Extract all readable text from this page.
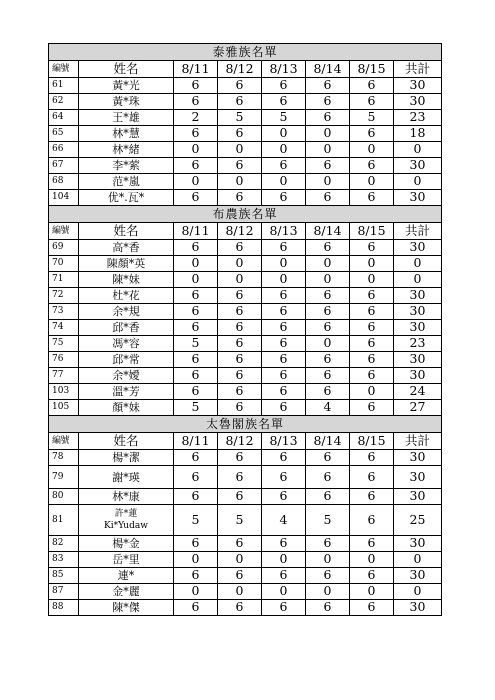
泰雅族名單							
編號	姓名	8/11	8/12	8/13	8/14	8/15	共計
61	黃*光	6	6	6	6	6	30
62	黃*珠	6	6	6	6	6	30
64	王*雄	2	5	5	6	5	23
65	林*慧	6	6	0	0	6	18
66	林*緒	0	0	0	0	0	0
67	李*萦	6	6	6	6	6	30
68	范*嵐	0	0	0	0	0	0
104	优*.瓦*	6	6	6	6	6	30
布農族名單							
編號	姓名	8/11	8/12	8/13	8/14	8/15	共計
69	高*香	6	6	6	6	6	30
70	陳顏*英	0	0	0	0	0	0
71	陳*妹	0	0	0	0	0	0
72	杜*花	6	6	6	6	6	30
73	余*規	6	6	6	6	6	30
74	邱*香	6	6	6	6	6	30
75	馮*容	5	6	6	0	6	23
76	邱*常	6	6	6	6	6	30
77	余*嬡	6	6	6	6	6	30
103	溫*芳	6	6	6	6	0	24
105	顏*妹	5	6	6	4	6	27
太魯閣族名單							
編號	姓名	8/11	8/12	8/13	8/14	8/15	共計
78	楊*潔	6	6	6	6	6	30
79	謝*瑛	6	6	6	6	6	30
80	林*康	6	6	6	6	6	30
81	許*蓮
Ki*Yudaw	5	5	4	5	6	25
82	楊*金	6	6	6	6	6	30
83	岳*里	0	0	0	0	0	0
85	連*	6	6	6	6	6	30
87	金*麗	0	0	0	0	0	0
88	陳*傑	6	6	6	6	6	30
